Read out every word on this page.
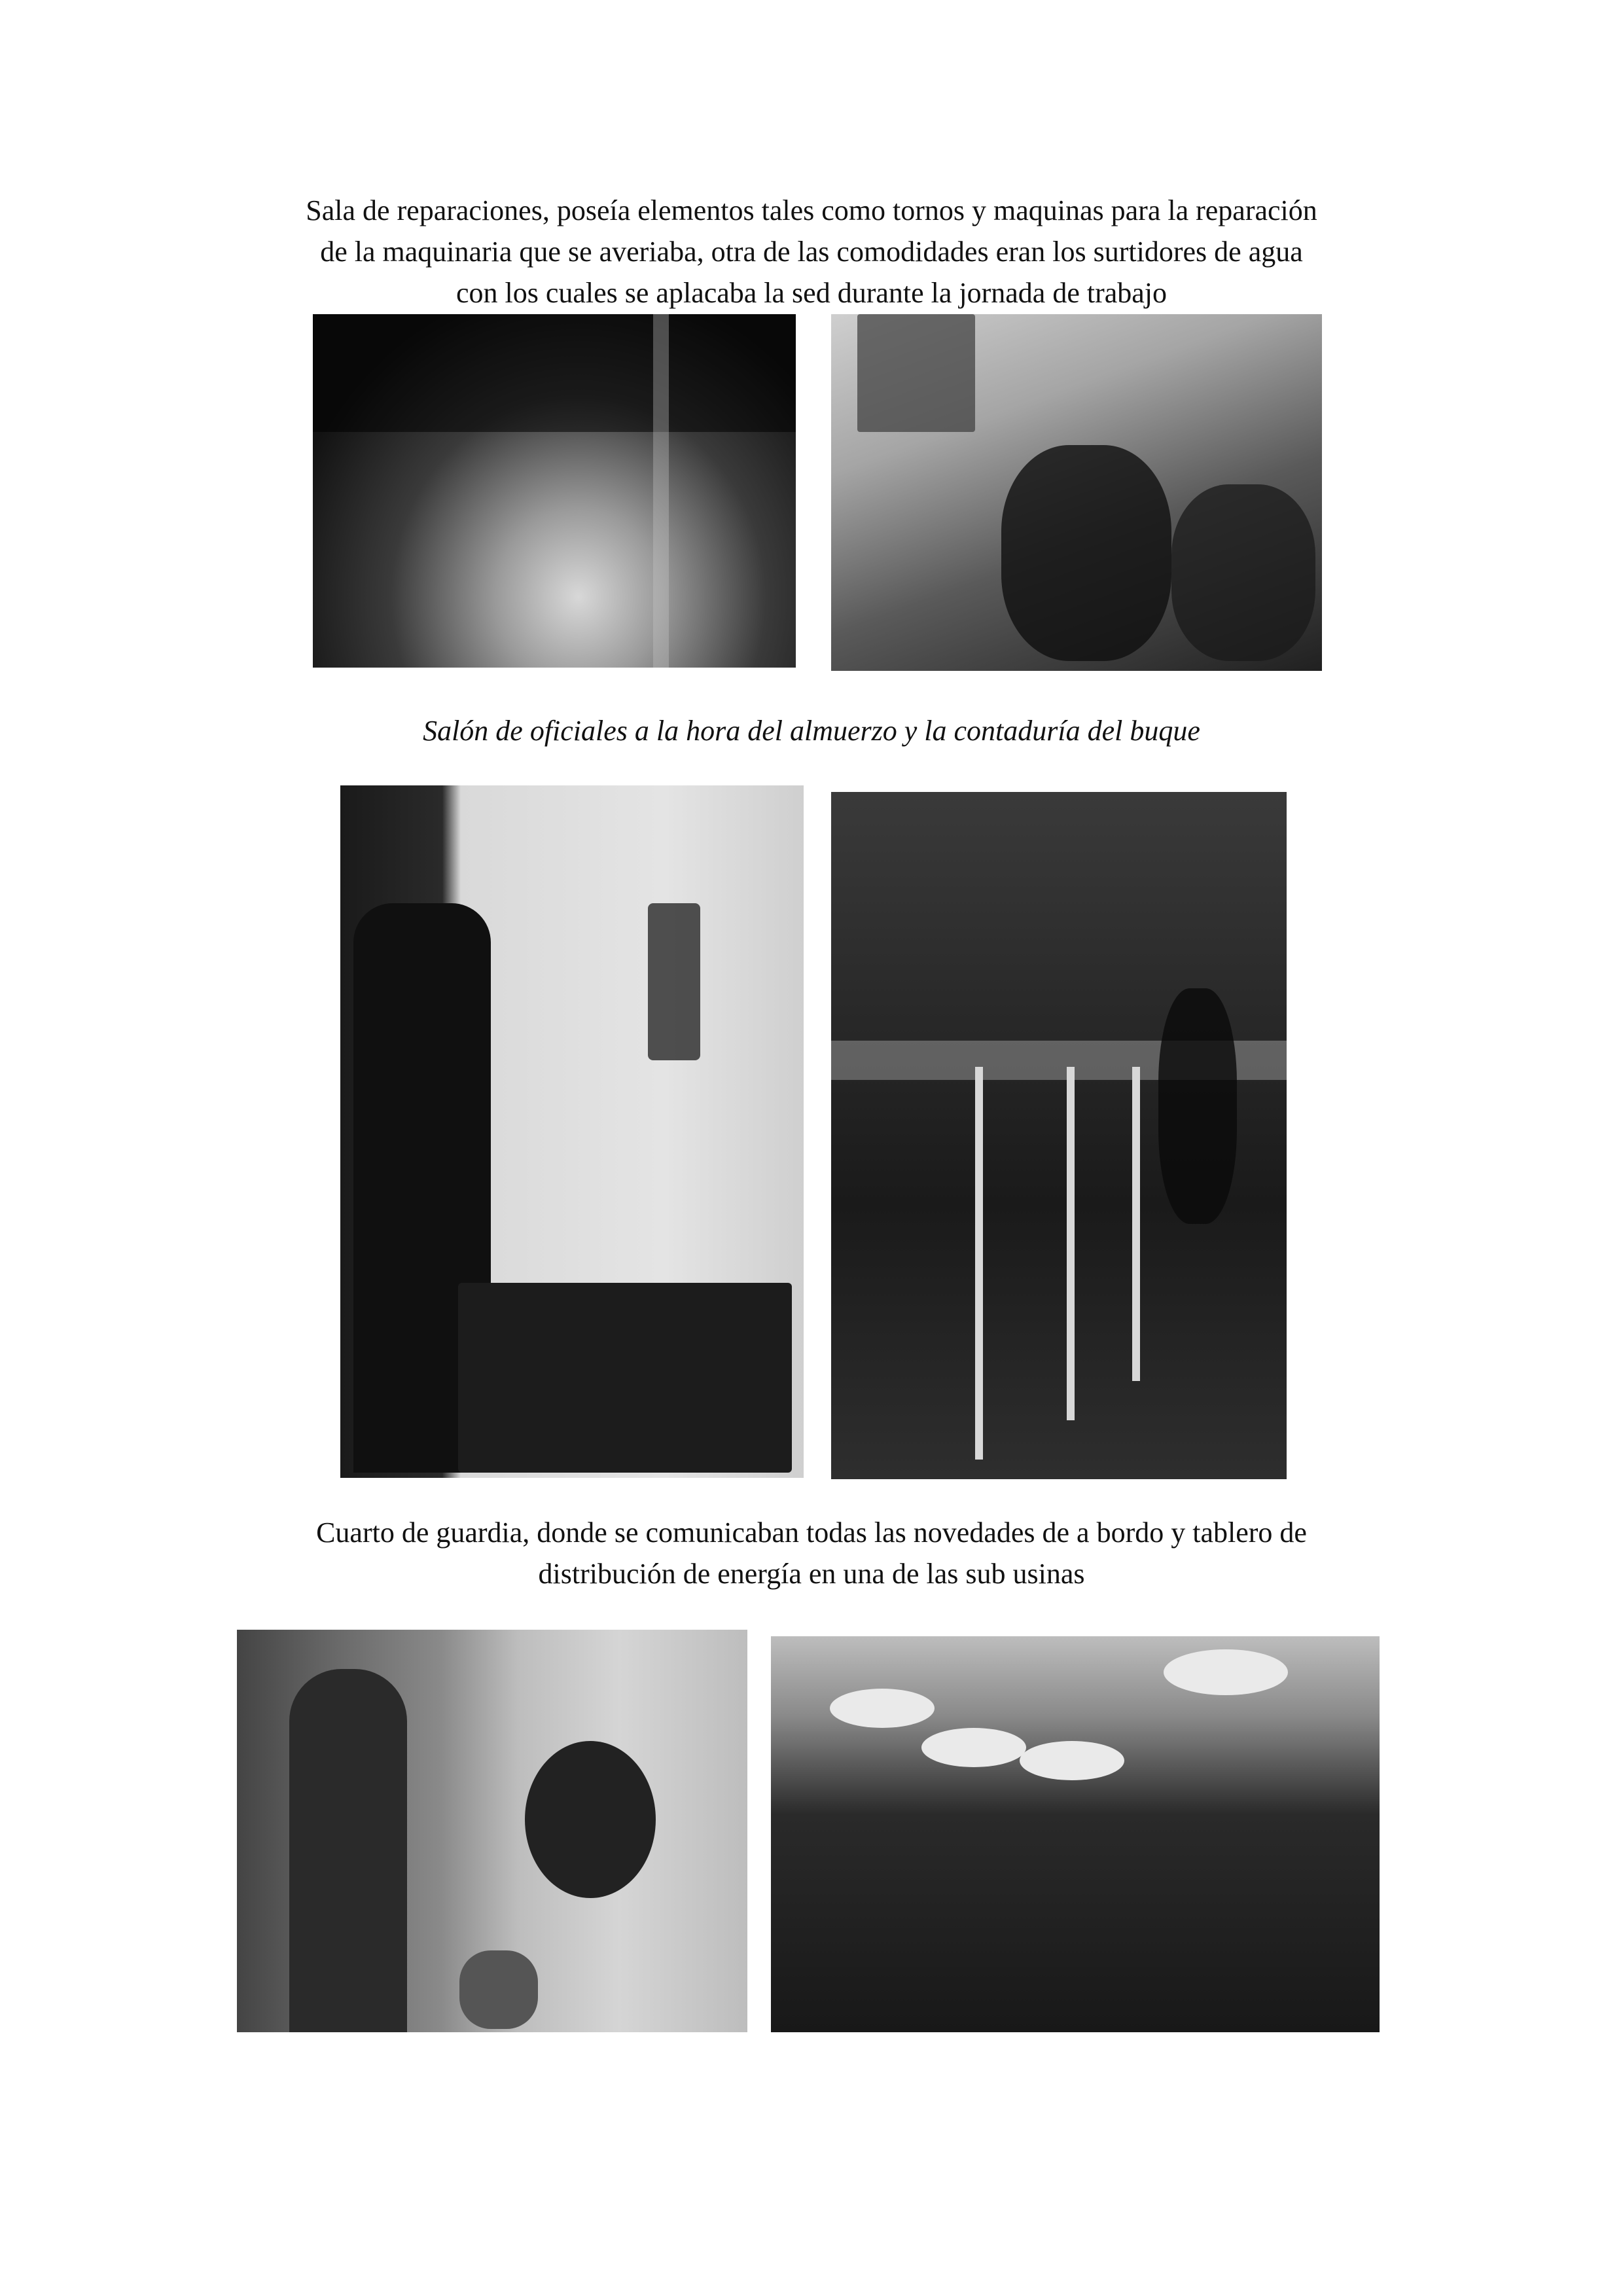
Sala de reparaciones, poseía elementos tales como tornos y maquinas para la reparación
de la maquinaria que se averiaba, otra de las comodidades eran los surtidores de agua
con los cuales se aplacaba la sed durante la jornada de trabajo
Salón de oficiales a la hora del almuerzo y la contaduría del buque
Cuarto de guardia, donde se comunicaban todas las novedades de a bordo y tablero de
distribución de energía en una de las sub usinas
